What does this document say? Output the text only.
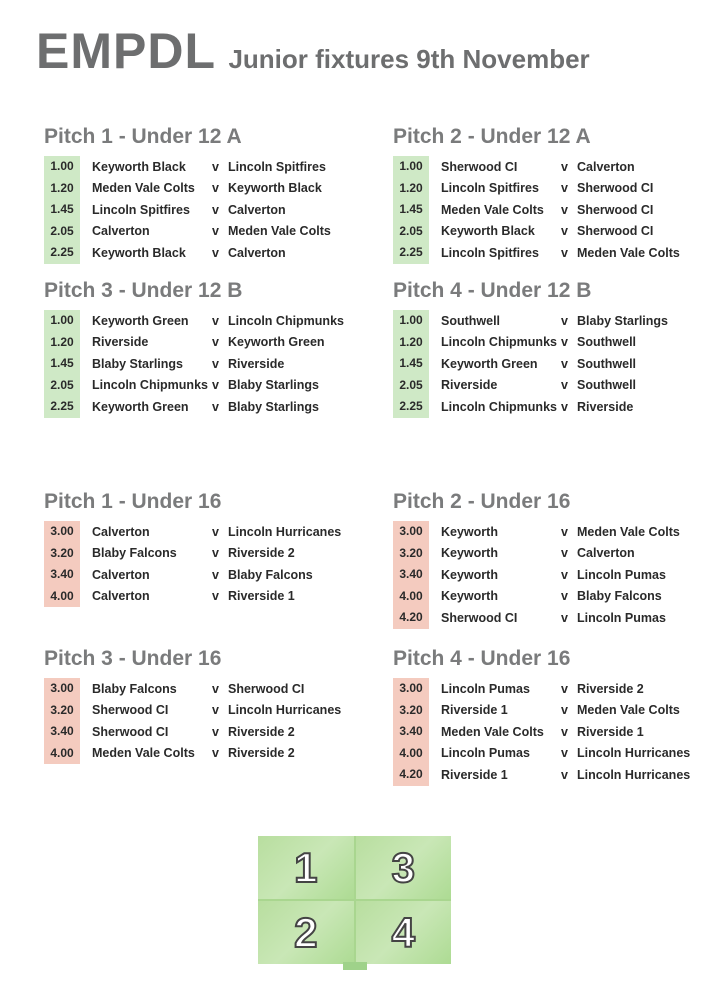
EMPDL Junior fixtures 9th November
Pitch 1 - Under 12 A
1.00	Keyworth Black	v Lincoln Spitfires
1.20	Meden Vale Colts	v Keyworth Black
1.45	Lincoln Spitfires	v Calverton
2.05	Calverton	v Meden Vale Colts
2.25	Keyworth Black	v Calverton
Pitch 2 - Under 12 A
1.00	Sherwood CI	v Calverton
1.20	Lincoln Spitfires	v Sherwood CI
1.45	Meden Vale Colts	v Sherwood CI
2.05	Keyworth Black	v Sherwood CI
2.25	Lincoln Spitfires	v Meden Vale Colts
Pitch 3 - Under 12 B
1.00	Keyworth Green	v Lincoln Chipmunks
1.20	Riverside	v Keyworth Green
1.45	Blaby Starlings	v Riverside
2.05	Lincoln Chipmunks v Blaby Starlings
2.25	Keyworth Green	v Blaby Starlings
Pitch 4 - Under 12 B
1.00	Southwell	v Blaby Starlings
1.20	Lincoln Chipmunks v Southwell
1.45	Keyworth Green	v Southwell
2.05	Riverside	v Southwell
2.25	Lincoln Chipmunks v Riverside
Pitch 1 - Under 16
3.00	Calverton	v Lincoln Hurricanes
3.20	Blaby Falcons	v Riverside 2
3.40	Calverton	v Blaby Falcons
4.00	Calverton	v Riverside 1
Pitch 2 - Under 16
3.00	Keyworth	v Meden Vale Colts
3.20	Keyworth	v Calverton
3.40	Keyworth	v Lincoln Pumas
4.00	Keyworth	v Blaby Falcons
4.20	Sherwood CI	v Lincoln Pumas
Pitch 3 - Under 16
3.00	Blaby Falcons	v Sherwood CI
3.20	Sherwood CI	v Lincoln Hurricanes
3.40	Sherwood CI	v Riverside 2
4.00	Meden Vale Colts	v Riverside 2
Pitch 4 - Under 16
3.00	Lincoln Pumas	v Riverside 2
3.20	Riverside 1	v Meden Vale Colts
3.40	Meden Vale Colts	v Riverside 1
4.00	Lincoln Pumas	v Lincoln Hurricanes
4.20	Riverside 1	v Lincoln Hurricanes
1	3
2	4
